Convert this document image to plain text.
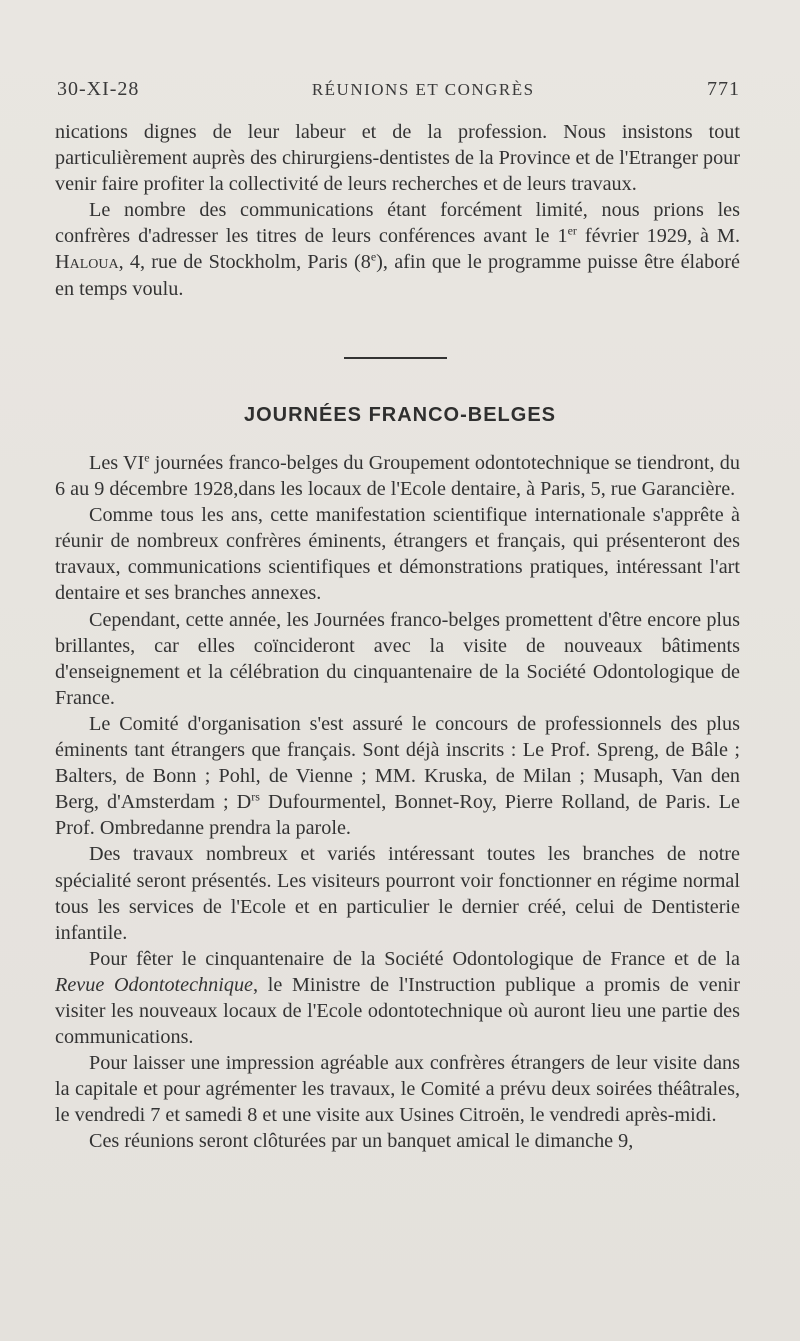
30-XI-28	RÉUNIONS ET CONGRÈS	771

nications dignes de leur labeur et de la profession. Nous insistons tout particulièrement auprès des chirurgiens-dentistes de la Province et de l'Etranger pour venir faire profiter la collectivité de leurs recherches et de leurs travaux.

Le nombre des communications étant forcément limité, nous prions les confrères d'adresser les titres de leurs conférences avant le 1er février 1929, à M. Haloua, 4, rue de Stockholm, Paris (8e), afin que le programme puisse être élaboré en temps voulu.

JOURNÉES FRANCO-BELGES

Les VIe journées franco-belges du Groupement odontotechnique se tiendront, du 6 au 9 décembre 1928,dans les locaux de l'Ecole dentaire, à Paris, 5, rue Garancière.

Comme tous les ans, cette manifestation scientifique internationale s'apprête à réunir de nombreux confrères éminents, étrangers et français, qui présenteront des travaux, communications scientifiques et démonstrations pratiques, intéressant l'art dentaire et ses branches annexes.

Cependant, cette année, les Journées franco-belges promettent d'être encore plus brillantes, car elles coïncideront avec la visite de nouveaux bâtiments d'enseignement et la célébration du cinquantenaire de la Société Odontologique de France.

Le Comité d'organisation s'est assuré le concours de professionnels des plus éminents tant étrangers que français. Sont déjà inscrits : Le Prof. Spreng, de Bâle ; Balters, de Bonn ; Pohl, de Vienne ; MM. Kruska, de Milan ; Musaph, Van den Berg, d'Amsterdam ; $D^{rs}$ Dufourmentel, Bonnet-Roy, Pierre Rolland, de Paris. Le Prof. Ombredanne prendra la parole.

Des travaux nombreux et variés intéressant toutes les branches de notre spécialité seront présentés. Les visiteurs pourront voir fonctionner en régime normal tous les services de l'Ecole et en particulier le dernier créé, celui de Dentisterie infantile.

Pour fêter le cinquantenaire de la Société Odontologique de France et de la Revue Odontotechnique, le Ministre de l'Instruction publique a promis de venir visiter les nouveaux locaux de l'Ecole odontotechnique où auront lieu une partie des communications.

Pour laisser une impression agréable aux confrères étrangers de leur visite dans la capitale et pour agrémenter les travaux, le Comité a prévu deux soirées théâtrales, le vendredi 7 et samedi 8 et une visite aux Usines Citroën, le vendredi après-midi.

Ces réunions seront clôturées par un banquet amical le dimanche 9,
